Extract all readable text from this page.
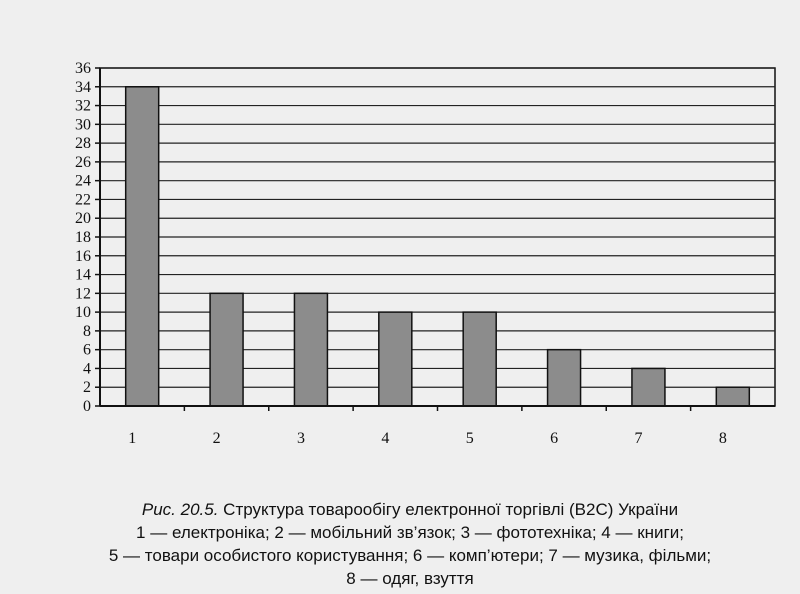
0
2
4
6
8
10
12
14
16
18
20
22
24
26
28
30
32
34
36
1	2	3	4	5	6	7	8
Рис. 20.5. Структура товарообігу електронної торгівлі (B2C) України
1 — електроніка; 2 — мобільний зв’язок; 3 — фототехніка; 4 — книги;
5 — товари особистого користування; 6 — комп’ютери; 7 — музика, фільми;
8 — одяг, взуття
